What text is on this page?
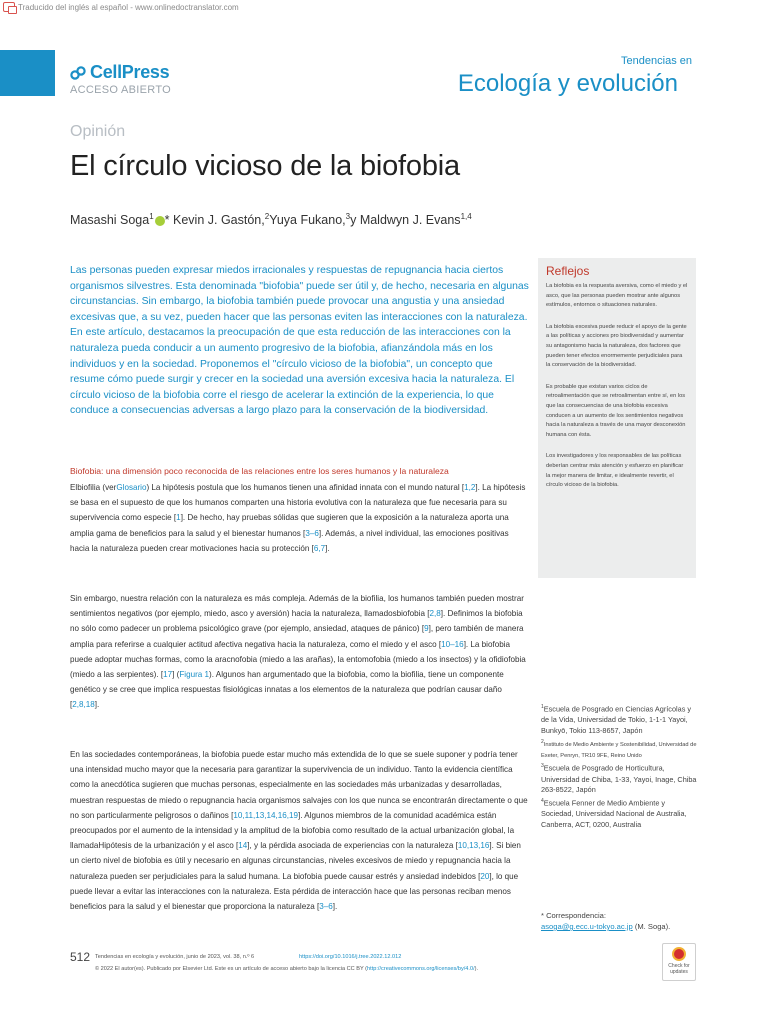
Traducido del inglés al español - www.onlinedoctranslator.com
CellPress
ACCESO ABIERTO
Tendencias en
Ecología y evolución
Opinión
El círculo vicioso de la biofobia
Masashi Soga$^1$ * Kevin J. Gastón,$^2$Yuya Fukano,$^3$y Maldwyn J. Evans$^{1,4}$

Las personas pueden expresar miedos irracionales y respuestas de repugnancia hacia ciertos organismos silvestres. Esta denominada "biofobia" puede ser útil y, de hecho, necesaria en algunas circunstancias. Sin embargo, la biofobia también puede provocar una angustia y una ansiedad excesivas que, a su vez, pueden hacer que las personas eviten las interacciones con la naturaleza. En este artículo, destacamos la preocupación de que esta reducción de las interacciones con la naturaleza pueda conducir a un aumento progresivo de la biofobia, afianzándola más en los individuos y en la sociedad. Proponemos el "círculo vicioso de la biofobia", un concepto que resume cómo puede surgir y crecer en la sociedad una aversión excesiva hacia la naturaleza. El círculo vicioso de la biofobia corre el riesgo de acelerar la extinción de la experiencia, lo que conduce a consecuencias adversas a largo plazo para la conservación de la biodiversidad.

Reflejos

La biofobia es la respuesta aversiva, como el miedo y el asco, que las personas pueden mostrar ante algunos estímulos, entornos o situaciones naturales.

La biofobia excesiva puede reducir el apoyo de la gente a las políticas y acciones pro biodiversidad y aumentar su antagonismo hacia la naturaleza, dos factores que pueden tener efectos enormemente perjudiciales para la conservación de la biodiversidad.

Es probable que existan varios ciclos de retroalimentación que se retroalimentan entre sí, en los que las consecuencias de una biofobia excesiva conducen a un aumento de los sentimientos negativos hacia la naturaleza a través de una mayor desconexión humana con ésta.

Los investigadores y los responsables de las políticas deberían centrar más atención y esfuerzo en planificar la mejor manera de limitar, e idealmente revertir, el círculo vicioso de la biofobia.

Biofobia: una dimensión poco reconocida de las relaciones entre los seres humanos y la naturaleza

Elbiofilia (verGlosario) La hipótesis postula que los humanos tienen una afinidad innata con el mundo natural [1,2]. La hipótesis se basa en el supuesto de que los humanos comparten una historia evolutiva con la naturaleza que fue necesaria para su supervivencia como especie [1]. De hecho, hay pruebas sólidas que sugieren que la exposición a la naturaleza aporta una amplia gama de beneficios para la salud y el bienestar humanos [3–6]. Además, a nivel individual, las emociones positivas hacia la naturaleza pueden crear motivaciones hacia su protección [6,7].

Sin embargo, nuestra relación con la naturaleza es más compleja. Además de la biofilia, los humanos también pueden mostrar sentimientos negativos (por ejemplo, miedo, asco y aversión) hacia la naturaleza, llamadosbiofobia [2,8]. Definimos la biofobia no sólo como padecer un problema psicológico grave (por ejemplo, ansiedad, ataques de pánico) [9], pero también de manera amplia para referirse a cualquier actitud afectiva negativa hacia la naturaleza, como el miedo y el asco [10–16]. La biofobia puede adoptar muchas formas, como la aracnofobia (miedo a las arañas), la entomofobia (miedo a los insectos) y la ofidiofobia (miedo a las serpientes). [17] (Figura 1). Algunos han argumentado que la biofobia, como la biofilia, tiene un componente genético y se cree que implica respuestas fisiológicas innatas a los elementos de la naturaleza que podrían causar daño [2,8,18].

En las sociedades contemporáneas, la biofobia puede estar mucho más extendida de lo que se suele suponer y podría tener una intensidad mucho mayor que la necesaria para garantizar la supervivencia de un individuo. Tanto la evidencia científica como la anecdótica sugieren que muchas personas, especialmente en las sociedades más urbanizadas y desarrolladas, muestran respuestas de miedo o repugnancia hacia organismos salvajes con los que nunca se encontrarán directamente o que no son particularmente peligrosos o dañinos [10,11,13,14,16,19]. Algunos miembros de la comunidad académica están preocupados por el aumento de la intensidad y la amplitud de la biofobia como resultado de la actual urbanización global, la llamadaHipótesis de la urbanización y el asco [14], y la pérdida asociada de experiencias con la naturaleza [10,13,16]. Si bien un cierto nivel de biofobia es útil y necesario en algunas circunstancias, niveles excesivos de miedo y repugnancia hacia la naturaleza pueden ser perjudiciales para la salud humana. La biofobia puede causar estrés y ansiedad indebidos [20], lo que puede llevar a evitar las interacciones con la naturaleza. Esta pérdida de interacción hace que las personas reciban menos beneficios para la salud y el bienestar que proporciona la naturaleza [3–6].

$^1$Escuela de Posgrado en Ciencias Agrícolas y de la Vida, Universidad de Tokio, 1-1-1 Yayoi, Bunkyō, Tokio 113-8657, Japón
$^2$Instituto de Medio Ambiente y Sostenibilidad, Universidad de Exeter, Penryn, TR10 9FE, Reino Unido
$^3$Escuela de Posgrado de Horticultura, Universidad de Chiba, 1-33, Yayoi, Inage, Chiba 263-8522, Japón
$^4$Escuela Fenner de Medio Ambiente y Sociedad, Universidad Nacional de Australia, Canberra, ACT, 0200, Australia
* Correspondencia:
asoga@g.ecc.u-tokyo.ac.jp (M. Soga).
512 Tendencias en ecología y evolución, junio de 2023, vol. 38, n.º 6	https://doi.org/10.1016/j.tree.2022.12.012
© 2022 El autor(es). Publicado por Elsevier Ltd. Este es un artículo de acceso abierto bajo la licencia CC BY (http://creativecommons.org/licenses/by/4.0/).	Check for
updates
